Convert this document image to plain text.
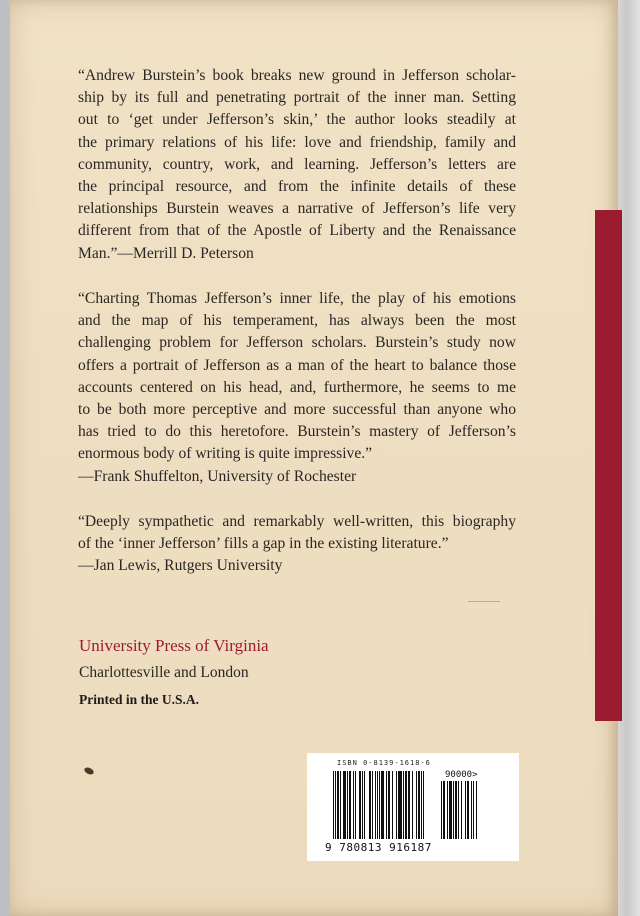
“Andrew Burstein’s book breaks new ground in Jefferson scholar-
ship by its full and penetrating portrait of the inner man. Setting
out to ‘get under Jefferson’s skin,’ the author looks steadily at
the primary relations of his life: love and friendship, family and
community, country, work, and learning. Jefferson’s letters are
the principal resource, and from the infinite details of these
relationships Burstein weaves a narrative of Jefferson’s life very
different from that of the Apostle of Liberty and the Renaissance
Man.”—Merrill D. Peterson
“Charting Thomas Jefferson’s inner life, the play of his emotions
and the map of his temperament, has always been the most
challenging problem for Jefferson scholars. Burstein’s study now
offers a portrait of Jefferson as a man of the heart to balance those
accounts centered on his head, and, furthermore, he seems to me
to be both more perceptive and more successful than anyone who
has tried to do this heretofore. Burstein’s mastery of Jefferson’s
enormous body of writing is quite impressive.”
—Frank Shuffelton, University of Rochester
“Deeply sympathetic and remarkably well-written, this biography
of the ‘inner Jefferson’ fills a gap in the existing literature.”
—Jan Lewis, Rutgers University
University Press of Virginia
Charlottesville and London
Printed in the U.S.A.
ISBN 0-8139-1618-6
90000>
9 780813 916187
